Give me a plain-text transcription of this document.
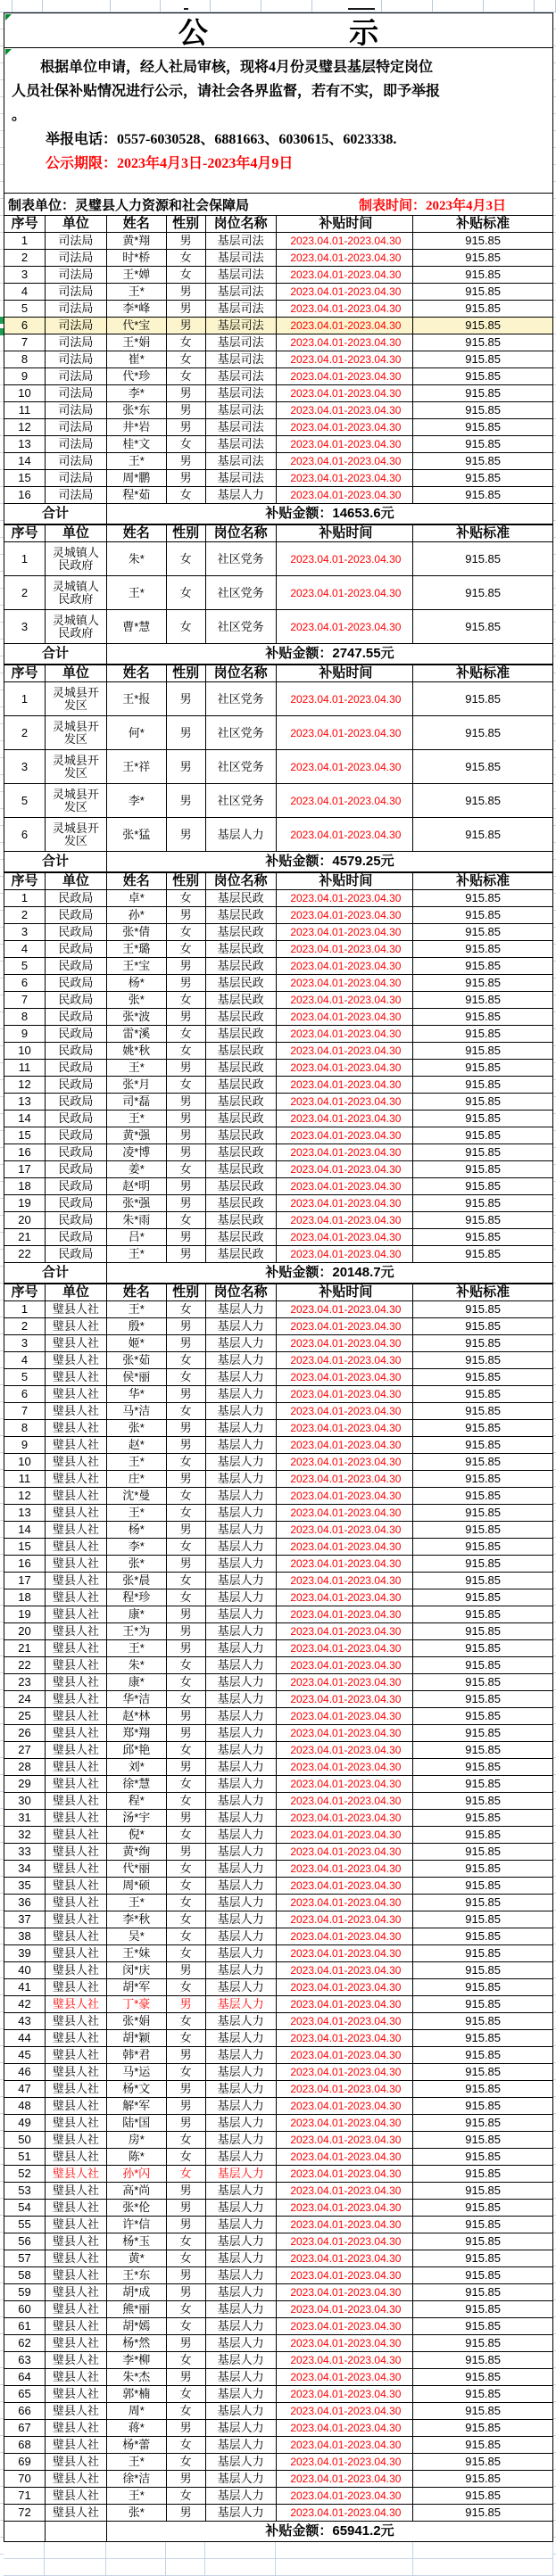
公 示
根据单位申请，经人社局审核，现将4月份灵璧县基层特定岗位
人员社保补贴情况进行公示，请社会各界监督，若有不实，即予举报
。
举报电话：0557-6030528、6881663、6030615、6023338.
公示期限：2023年4月3日-2023年4月9日
制表单位：灵璧县人力资源和社会保障局	制表时间：2023年4月3日
序号	单位	姓名	性别	岗位名称	补贴时间	补贴标准
1	司法局	黄*翔	男	基层司法	2023.04.01-2023.04.30	915.85
2	司法局	时*桥	女	基层司法	2023.04.01-2023.04.30	915.85
3	司法局	王*婵	女	基层司法	2023.04.01-2023.04.30	915.85
4	司法局	王*	男	基层司法	2023.04.01-2023.04.30	915.85
5	司法局	李*峰	男	基层司法	2023.04.01-2023.04.30	915.85
6	司法局	代*宝	男	基层司法	2023.04.01-2023.04.30	915.85
7	司法局	王*娟	女	基层司法	2023.04.01-2023.04.30	915.85
8	司法局	崔*	女	基层司法	2023.04.01-2023.04.30	915.85
9	司法局	代*珍	女	基层司法	2023.04.01-2023.04.30	915.85
10	司法局	李*	男	基层司法	2023.04.01-2023.04.30	915.85
11	司法局	张*东	男	基层司法	2023.04.01-2023.04.30	915.85
12	司法局	井*岩	男	基层司法	2023.04.01-2023.04.30	915.85
13	司法局	桂*文	女	基层司法	2023.04.01-2023.04.30	915.85
14	司法局	王*	男	基层司法	2023.04.01-2023.04.30	915.85
15	司法局	周*鹏	男	基层司法	2023.04.01-2023.04.30	915.85
16	司法局	程*茹	女	基层人力	2023.04.01-2023.04.30	915.85
合计	补贴金额：14653.6元
序号	单位	姓名	性别	岗位名称	补贴时间	补贴标准
1	灵城镇人民政府	朱*	女	社区党务	2023.04.01-2023.04.30	915.85
2	灵城镇人民政府	王*	女	社区党务	2023.04.01-2023.04.30	915.85
3	灵城镇人民政府	曹*慧	女	社区党务	2023.04.01-2023.04.30	915.85
合计	补贴金额：2747.55元
序号	单位	姓名	性别	岗位名称	补贴时间	补贴标准
1	灵城县开发区	王*报	男	社区党务	2023.04.01-2023.04.30	915.85
2	灵城县开发区	何*	男	社区党务	2023.04.01-2023.04.30	915.85
3	灵城县开发区	王*祥	男	社区党务	2023.04.01-2023.04.30	915.85
5	灵城县开发区	李*	男	社区党务	2023.04.01-2023.04.30	915.85
6	灵城县开发区	张*猛	男	基层人力	2023.04.01-2023.04.30	915.85
合计	补贴金额：4579.25元
序号	单位	姓名	性别	岗位名称	补贴时间	补贴标准
1	民政局	卓*	女	基层民政	2023.04.01-2023.04.30	915.85
2	民政局	孙*	男	基层民政	2023.04.01-2023.04.30	915.85
3	民政局	张*倩	女	基层民政	2023.04.01-2023.04.30	915.85
4	民政局	王*璐	女	基层民政	2023.04.01-2023.04.30	915.85
5	民政局	王*宝	男	基层民政	2023.04.01-2023.04.30	915.85
6	民政局	杨*	男	基层民政	2023.04.01-2023.04.30	915.85
7	民政局	张*	女	基层民政	2023.04.01-2023.04.30	915.85
8	民政局	张*波	男	基层民政	2023.04.01-2023.04.30	915.85
9	民政局	雷*溪	女	基层民政	2023.04.01-2023.04.30	915.85
10	民政局	姚*秋	女	基层民政	2023.04.01-2023.04.30	915.85
11	民政局	王*	男	基层民政	2023.04.01-2023.04.30	915.85
12	民政局	张*月	女	基层民政	2023.04.01-2023.04.30	915.85
13	民政局	司*磊	男	基层民政	2023.04.01-2023.04.30	915.85
14	民政局	王*	男	基层民政	2023.04.01-2023.04.30	915.85
15	民政局	黄*强	男	基层民政	2023.04.01-2023.04.30	915.85
16	民政局	凌*博	男	基层民政	2023.04.01-2023.04.30	915.85
17	民政局	姜*	女	基层民政	2023.04.01-2023.04.30	915.85
18	民政局	赵*明	男	基层民政	2023.04.01-2023.04.30	915.85
19	民政局	张*强	男	基层民政	2023.04.01-2023.04.30	915.85
20	民政局	朱*雨	女	基层民政	2023.04.01-2023.04.30	915.85
21	民政局	吕*	男	基层民政	2023.04.01-2023.04.30	915.85
22	民政局	王*	男	基层民政	2023.04.01-2023.04.30	915.85
合计	补贴金额：20148.7元
序号	单位	姓名	性别	岗位名称	补贴时间	补贴标准
1	璧县人社	王*	女	基层人力	2023.04.01-2023.04.30	915.85
2	璧县人社	殷*	男	基层人力	2023.04.01-2023.04.30	915.85
3	璧县人社	姬*	男	基层人力	2023.04.01-2023.04.30	915.85
4	璧县人社	张*茹	女	基层人力	2023.04.01-2023.04.30	915.85
5	璧县人社	侯*丽	女	基层人力	2023.04.01-2023.04.30	915.85
6	璧县人社	华*	男	基层人力	2023.04.01-2023.04.30	915.85
7	璧县人社	马*洁	女	基层人力	2023.04.01-2023.04.30	915.85
8	璧县人社	张*	男	基层人力	2023.04.01-2023.04.30	915.85
9	璧县人社	赵*	男	基层人力	2023.04.01-2023.04.30	915.85
10	璧县人社	王*	女	基层人力	2023.04.01-2023.04.30	915.85
11	璧县人社	庄*	男	基层人力	2023.04.01-2023.04.30	915.85
12	璧县人社	沈*曼	女	基层人力	2023.04.01-2023.04.30	915.85
13	璧县人社	王*	女	基层人力	2023.04.01-2023.04.30	915.85
14	璧县人社	杨*	男	基层人力	2023.04.01-2023.04.30	915.85
15	璧县人社	李*	女	基层人力	2023.04.01-2023.04.30	915.85
16	璧县人社	张*	男	基层人力	2023.04.01-2023.04.30	915.85
17	璧县人社	张*晨	女	基层人力	2023.04.01-2023.04.30	915.85
18	璧县人社	程*珍	女	基层人力	2023.04.01-2023.04.30	915.85
19	璧县人社	康*	男	基层人力	2023.04.01-2023.04.30	915.85
20	璧县人社	王*为	男	基层人力	2023.04.01-2023.04.30	915.85
21	璧县人社	王*	男	基层人力	2023.04.01-2023.04.30	915.85
22	璧县人社	朱*	女	基层人力	2023.04.01-2023.04.30	915.85
23	璧县人社	康*	女	基层人力	2023.04.01-2023.04.30	915.85
24	璧县人社	华*洁	女	基层人力	2023.04.01-2023.04.30	915.85
25	璧县人社	赵*林	男	基层人力	2023.04.01-2023.04.30	915.85
26	璧县人社	郑*翔	男	基层人力	2023.04.01-2023.04.30	915.85
27	璧县人社	邱*艳	女	基层人力	2023.04.01-2023.04.30	915.85
28	璧县人社	刘*	男	基层人力	2023.04.01-2023.04.30	915.85
29	璧县人社	徐*慧	女	基层人力	2023.04.01-2023.04.30	915.85
30	璧县人社	程*	女	基层人力	2023.04.01-2023.04.30	915.85
31	璧县人社	汤*宇	男	基层人力	2023.04.01-2023.04.30	915.85
32	璧县人社	倪*	女	基层人力	2023.04.01-2023.04.30	915.85
33	璧县人社	黄*绚	男	基层人力	2023.04.01-2023.04.30	915.85
34	璧县人社	代*丽	女	基层人力	2023.04.01-2023.04.30	915.85
35	璧县人社	周*硕	女	基层人力	2023.04.01-2023.04.30	915.85
36	璧县人社	王*	女	基层人力	2023.04.01-2023.04.30	915.85
37	璧县人社	李*秋	女	基层人力	2023.04.01-2023.04.30	915.85
38	璧县人社	吴*	女	基层人力	2023.04.01-2023.04.30	915.85
39	璧县人社	王*妹	女	基层人力	2023.04.01-2023.04.30	915.85
40	璧县人社	闵*庆	男	基层人力	2023.04.01-2023.04.30	915.85
41	璧县人社	胡*军	女	基层人力	2023.04.01-2023.04.30	915.85
42	璧县人社	丁*豪	男	基层人力	2023.04.01-2023.04.30	915.85
43	璧县人社	张*娟	女	基层人力	2023.04.01-2023.04.30	915.85
44	璧县人社	胡*颖	女	基层人力	2023.04.01-2023.04.30	915.85
45	璧县人社	韩*君	男	基层人力	2023.04.01-2023.04.30	915.85
46	璧县人社	马*运	女	基层人力	2023.04.01-2023.04.30	915.85
47	璧县人社	杨*文	男	基层人力	2023.04.01-2023.04.30	915.85
48	璧县人社	解*军	男	基层人力	2023.04.01-2023.04.30	915.85
49	璧县人社	陆*国	男	基层人力	2023.04.01-2023.04.30	915.85
50	璧县人社	房*	女	基层人力	2023.04.01-2023.04.30	915.85
51	璧县人社	陈*	女	基层人力	2023.04.01-2023.04.30	915.85
52	璧县人社	孙*闪	女	基层人力	2023.04.01-2023.04.30	915.85
53	璧县人社	高*尚	男	基层人力	2023.04.01-2023.04.30	915.85
54	璧县人社	张*伦	男	基层人力	2023.04.01-2023.04.30	915.85
55	璧县人社	许*信	男	基层人力	2023.04.01-2023.04.30	915.85
56	璧县人社	杨*玉	女	基层人力	2023.04.01-2023.04.30	915.85
57	璧县人社	黄*	女	基层人力	2023.04.01-2023.04.30	915.85
58	璧县人社	王*东	男	基层人力	2023.04.01-2023.04.30	915.85
59	璧县人社	胡*成	男	基层人力	2023.04.01-2023.04.30	915.85
60	璧县人社	熊*丽	女	基层人力	2023.04.01-2023.04.30	915.85
61	璧县人社	胡*嫣	女	基层人力	2023.04.01-2023.04.30	915.85
62	璧县人社	杨*然	男	基层人力	2023.04.01-2023.04.30	915.85
63	璧县人社	李*柳	女	基层人力	2023.04.01-2023.04.30	915.85
64	璧县人社	朱*杰	男	基层人力	2023.04.01-2023.04.30	915.85
65	璧县人社	郭*楠	女	基层人力	2023.04.01-2023.04.30	915.85
66	璧县人社	周*	女	基层人力	2023.04.01-2023.04.30	915.85
67	璧县人社	蒋*	男	基层人力	2023.04.01-2023.04.30	915.85
68	璧县人社	杨*蕾	女	基层人力	2023.04.01-2023.04.30	915.85
69	璧县人社	王*	女	基层人力	2023.04.01-2023.04.30	915.85
70	璧县人社	徐*洁	男	基层人力	2023.04.01-2023.04.30	915.85
71	璧县人社	王*	女	基层人力	2023.04.01-2023.04.30	915.85
72	璧县人社	张*	男	基层人力	2023.04.01-2023.04.30	915.85
补贴金额：65941.2元
